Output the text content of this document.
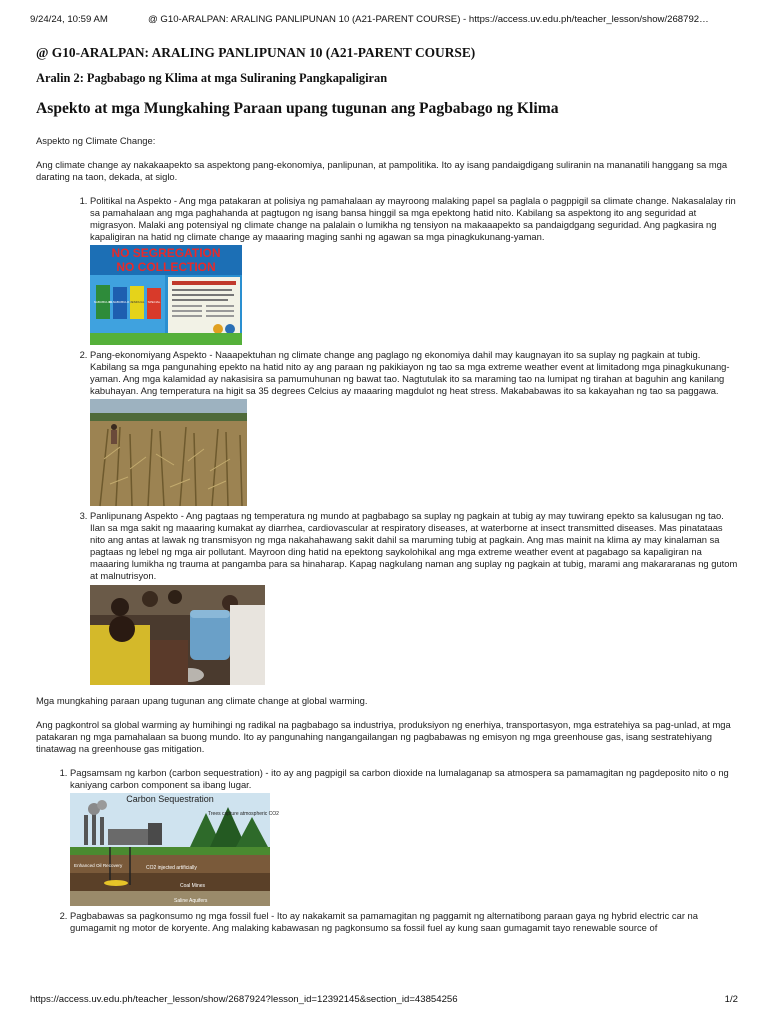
9/24/24, 10:59 AM	@ G10-ARALPAN: ARALING PANLIPUNAN 10 (A21-PARENT COURSE) - https://access.uv.edu.ph/teacher_lesson/show/268792…
@ G10-ARALPAN: ARALING PANLIPUNAN 10 (A21-PARENT COURSE)
Aralin 2: Pagbabago ng Klima at mga Suliraning Pangkapaligiran
Aspekto at mga Mungkahing Paraan upang tugunan ang Pagbabago ng Klima

Aspekto ng Climate Change:

Ang climate change ay nakakaapekto sa aspektong pang-ekonomiya, panlipunan, at pampolitika. Ito ay isang pandaigdigang suliranin na mananatili hanggang sa mga darating na taon, dekada, at siglo.

1. Politikal na Aspekto - Ang mga patakaran at polisiya ng pamahalaan ay mayroong malaking papel sa paglala o pagppigil sa climate change. Nakasalalay rin sa pamahalaan ang mga paghahanda at pagtugon ng isang bansa hinggil sa mga epektong hatid nito. Kabilang sa aspektong ito ang seguridad at migrasyon. Malaki ang potensiyal ng climate change na palalain o lumikha ng tensiyon na makaaapekto sa pandaigdgang seguridad. Ang pagkasira ng kapaligiran na hatid ng climate change ay maaaring maging sanhi ng agawan sa mga pinagkukunang-yaman.
NO SEGREGATION
NO COLLECTION
NABUBULOK
DI-NABUBULOK
RESIDUAL SPECIAL
2. Pang-ekonomiyang Aspekto - Naaapektuhan ng climate change ang paglago ng ekonomiya dahil may kaugnayan ito sa suplay ng pagkain at tubig. Kabilang sa mga pangunahing epekto na hatid nito ay ang paraan ng pakikiayon ng tao sa mga extreme weather event at limitadong mga pinagkukunang-yaman. Ang mga kalamidad ay nakasisira sa pamumuhunan ng bawat tao. Nagtutulak ito sa maraming tao na lumipat ng tirahan at baguhin ang kanilang kabuhayan. Ang temperatura na higit sa 35 degrees Celcius ay maaaring magdulot ng heat stress. Makababawas ito sa kakayahan ng tao sa paggawa.
3. Panlipunang Aspekto - Ang pagtaas ng temperatura ng mundo at pagbabago sa suplay ng pagkain at tubig ay may tuwirang epekto sa kalusugan ng tao. Ilan sa mga sakit ng maaaring kumakat ay diarrhea, cardiovascular at respiratory diseases, at waterborne at insect transmitted diseases. Mas pinatataas nito ang antas at lawak ng transmisyon ng mga nakahahawang sakit dahil sa maruming tubig at pagkain. Ang mas mainit na klima ay may kinalaman sa pagtaas ng lebel ng mga air pollutant. Mayroon ding hatid na epektong saykolohikal ang mga extreme weather event at pagabago sa kapaligiran na maaaring lumikha ng trauma at pangamba para sa hinaharap. Kapag nagkulang naman ang suplay ng pagkain at tubig, marami ang makararanas ng gutom at malnutrisyon.

Mga mungkahing paraan upang tugunan ang climate change at global warming.

Ang pagkontrol sa global warming ay humihingi ng radikal na pagbabago sa industriya, produksiyon ng enerhiya, transportasyon, mga estratehiya sa pag-unlad, at mga patakaran ng mga pamahalaan sa buong mundo. Ito ay pangunahing nangangailangan ng pagbabawas ng emisyon ng mga greenhouse gas, isang sestratehiyang tinatawag na greenhouse gas mitigation.

1. Pagsamsam ng karbon (carbon sequestration) - ito ay ang pagpigil sa carbon dioxide na lumalaganap sa atmospera sa pamamagitan ng pagdeposito nito o ng kaniyang carbon component sa ibang lugar.
Carbon Sequestration
Trees capture atmospheric CO2
CO2 injected artificially
Enhanced Oil Recovery
Coal Mines
Saline Aquifers
2. Pagbabawas sa pagkonsumo ng mga fossil fuel - Ito ay nakakamit sa pamamagitan ng paggamit ng alternatibong paraan gaya ng hybrid electric car na gumagamit ng motor de koryente. Ang malaking kabawasan ng pagkonsumo sa fossil fuel ay kung saan gumagamit tayo renewable source of
https://access.uv.edu.ph/teacher_lesson/show/2687924?lesson_id=12392145&section_id=43854256	1/2
